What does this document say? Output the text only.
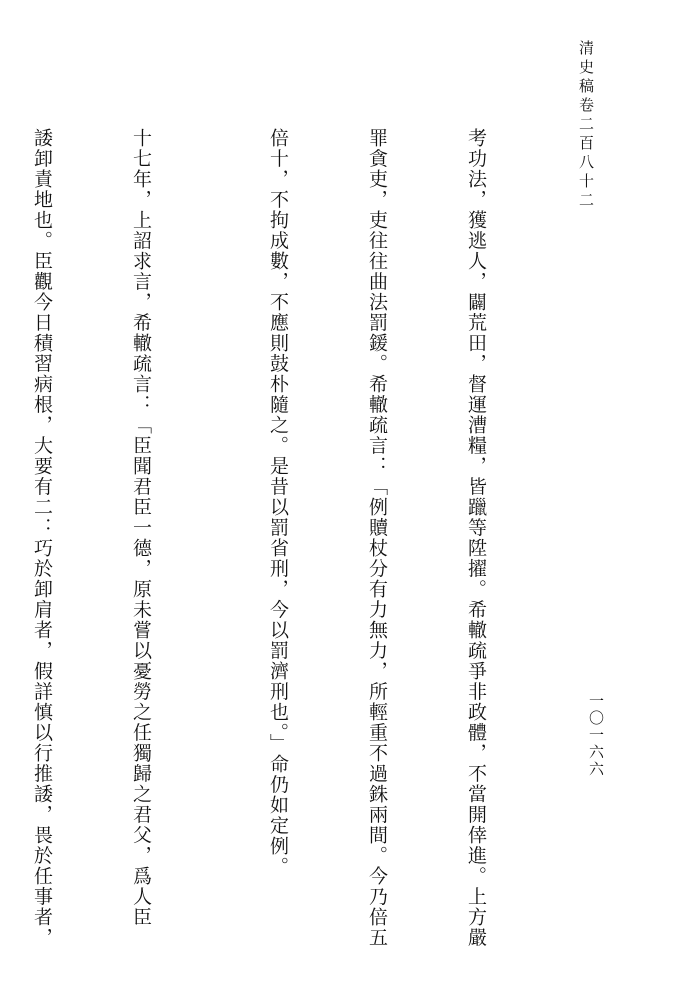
清史稿卷二百八十二
一〇一六六

考功法，獲逃人，闢荒田，督運漕糧，皆躐等陞擢。希轍疏爭非政體，不當開倖進。上方嚴

罪貪吏，吏往往曲法罰鍰。希轍疏言：「例贖杖分有力無力，所輕重不過銖兩間。今乃倍五

倍十，不拘成數，不應則鼓朴隨之。是昔以罰省刑，今以罰濟刑也。」命仍如定例。

十七年，上詔求言，希轍疏言：「臣聞君臣一德，原未嘗以憂勞之任獨歸之君父，爲人臣

諉卸責地也。臣觀今日積習病根，大要有二：巧於卸肩者，假詳慎以行推諉，畏於任事者，
